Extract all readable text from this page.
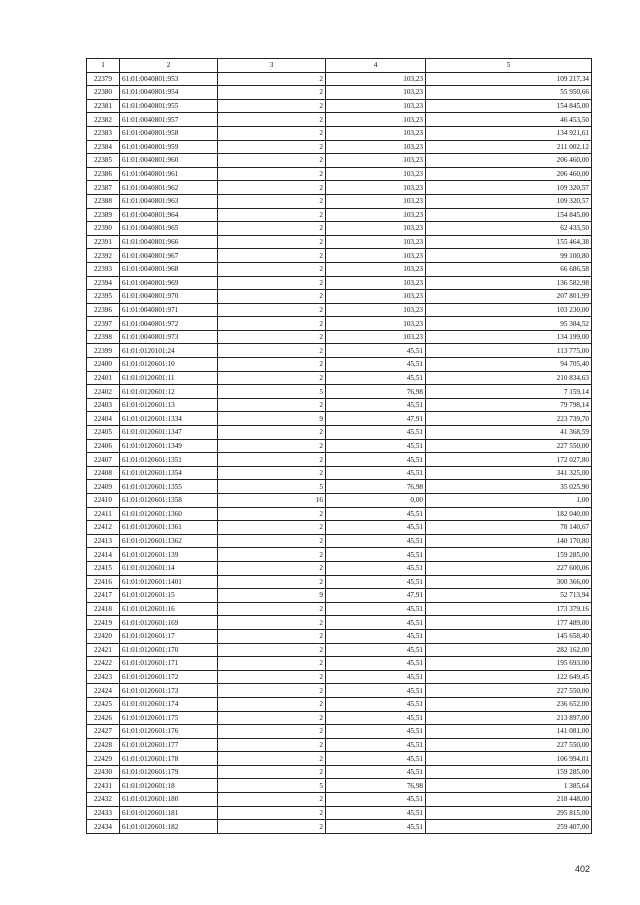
1	2	3	4	5
22379	61:01:0040801:953	2	103,23	109 217,34
22380	61:01:0040801:954	2	103,23	55 950,66
22381	61:01:0040801:955	2	103,23	154 845,00
22382	61:01:0040801:957	2	103,23	46 453,50
22383	61:01:0040801:958	2	103,23	134 921,61
22384	61:01:0040801:959	2	103,23	211 002,12
22385	61:01:0040801:960	2	103,23	206 460,00
22386	61:01:0040801:961	2	103,23	206 460,00
22387	61:01:0040801:962	2	103,23	109 320,57
22388	61:01:0040801:963	2	103,23	109 320,57
22389	61:01:0040801:964	2	103,23	154 845,00
22390	61:01:0040801:965	2	103,23	62 433,50
22391	61:01:0040801:966	2	103,23	155 464,38
22392	61:01:0040801:967	2	103,23	99 100,80
22393	61:01:0040801:968	2	103,23	66 686,58
22394	61:01:0040801:969	2	103,23	136 582,98
22395	61:01:0040801:970	2	103,23	207 801,99
22396	61:01:0040801:971	2	103,23	103 230,00
22397	61:01:0040801:972	2	103,23	95 384,52
22398	61:01:0040801:973	2	103,23	134 199,00
22399	61:01:0120101:24	2	45,51	113 775,00
22400	61:01:0120601:10	2	45,51	94 705,40
22401	61:01:0120601:11	2	45,51	210 834,63
22402	61:01:0120601:12	5	76,98	7 159,14
22403	61:01:0120601:13	2	45,51	79 798,14
22404	61:01:0120601:1334	9	47,91	223 739,70
22405	61:01:0120601:1347	2	45,51	41 368,59
22406	61:01:0120601:1349	2	45,51	227 550,00
22407	61:01:0120601:1351	2	45,51	172 027,80
22408	61:01:0120601:1354	2	45,51	341 325,00
22409	61:01:0120601:1355	5	76,98	35 025,90
22410	61:01:0120601:1358	16	0,00	1,00
22411	61:01:0120601:1360	2	45,51	182 040,00
22412	61:01:0120601:1361	2	45,51	78 140,67
22413	61:01:0120601:1362	2	45,51	140 170,80
22414	61:01:0120601:139	2	45,51	159 285,00
22415	61:01:0120601:14	2	45,51	227 600,06
22416	61:01:0120601:1401	2	45,51	300 366,00
22417	61:01:0120601:15	9	47,91	52 713,94
22418	61:01:0120601:16	2	45,51	173 379,16
22419	61:01:0120601:169	2	45,51	177 489,00
22420	61:01:0120601:17	2	45,51	145 658,40
22421	61:01:0120601:170	2	45,51	282 162,00
22422	61:01:0120601:171	2	45,51	195 693,00
22423	61:01:0120601:172	2	45,51	122 649,45
22424	61:01:0120601:173	2	45,51	227 550,00
22425	61:01:0120601:174	2	45,51	236 652,00
22426	61:01:0120601:175	2	45,51	213 897,00
22427	61:01:0120601:176	2	45,51	141 081,00
22428	61:01:0120601:177	2	45,51	227 550,00
22429	61:01:0120601:178	2	45,51	106 994,01
22430	61:01:0120601:179	2	45,51	159 285,00
22431	61:01:0120601:18	5	76,98	1 385,64
22432	61:01:0120601:180	2	45,51	218 448,00
22433	61:01:0120601:181	2	45,51	295 815,00
22434	61:01:0120601:182	2	45,51	259 407,00
402
